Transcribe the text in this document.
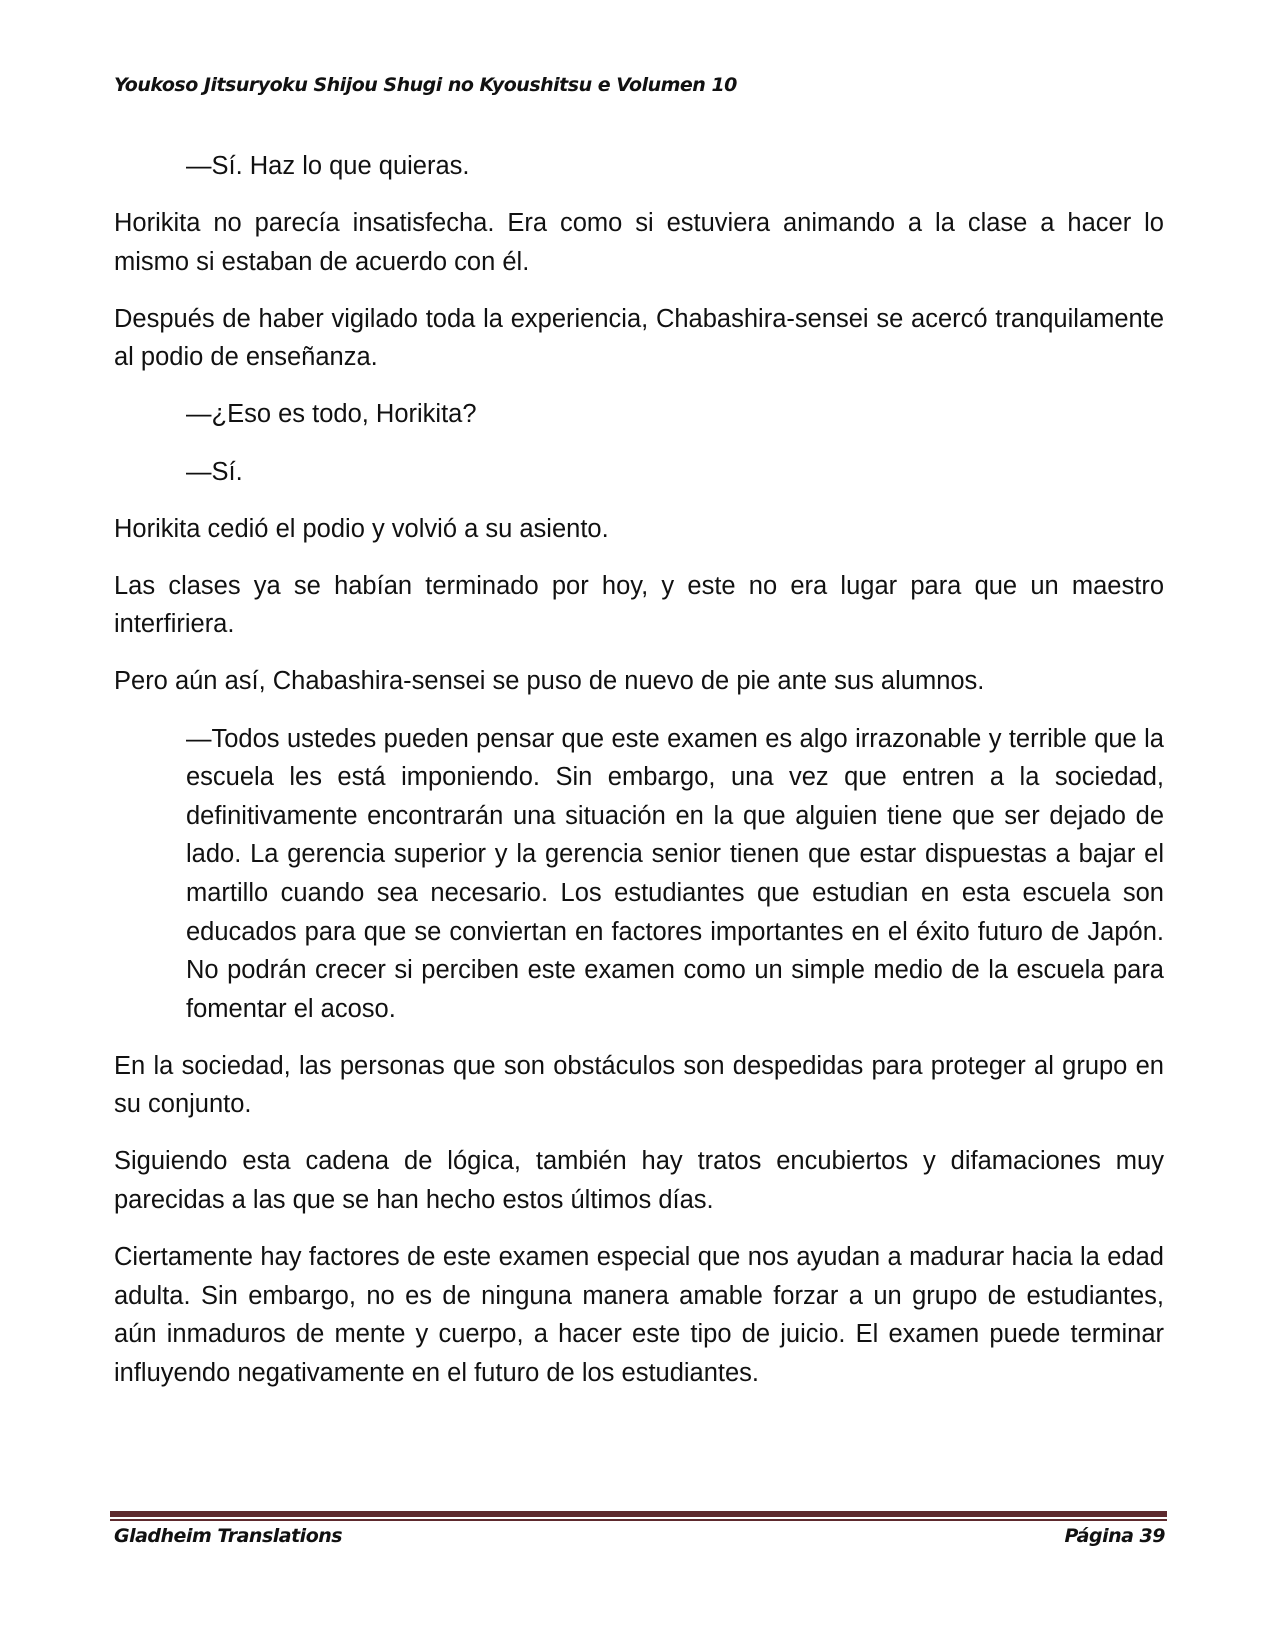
Youkoso Jitsuryoku Shijou Shugi no Kyoushitsu e Volumen 10

—Sí. Haz lo que quieras.

Horikita no parecía insatisfecha. Era como si estuviera animando a la clase a hacer lo mismo si estaban de acuerdo con él.

Después de haber vigilado toda la experiencia, Chabashira-sensei se acercó tranquilamente al podio de enseñanza.

—¿Eso es todo, Horikita?

—Sí.

Horikita cedió el podio y volvió a su asiento.

Las clases ya se habían terminado por hoy, y este no era lugar para que un maestro interfiriera.

Pero aún así, Chabashira-sensei se puso de nuevo de pie ante sus alumnos.

—Todos ustedes pueden pensar que este examen es algo irrazonable y terrible que la escuela les está imponiendo. Sin embargo, una vez que entren a la sociedad, definitivamente encontrarán una situación en la que alguien tiene que ser dejado de lado. La gerencia superior y la gerencia senior tienen que estar dispuestas a bajar el martillo cuando sea necesario. Los estudiantes que estudian en esta escuela son educados para que se conviertan en factores importantes en el éxito futuro de Japón. No podrán crecer si perciben este examen como un simple medio de la escuela para fomentar el acoso.

En la sociedad, las personas que son obstáculos son despedidas para proteger al grupo en su conjunto.

Siguiendo esta cadena de lógica, también hay tratos encubiertos y difamaciones muy parecidas a las que se han hecho estos últimos días.

Ciertamente hay factores de este examen especial que nos ayudan a madurar hacia la edad adulta. Sin embargo, no es de ninguna manera amable forzar a un grupo de estudiantes, aún inmaduros de mente y cuerpo, a hacer este tipo de juicio. El examen puede terminar influyendo negativamente en el futuro de los estudiantes.

Gladheim Translations	Página 39
